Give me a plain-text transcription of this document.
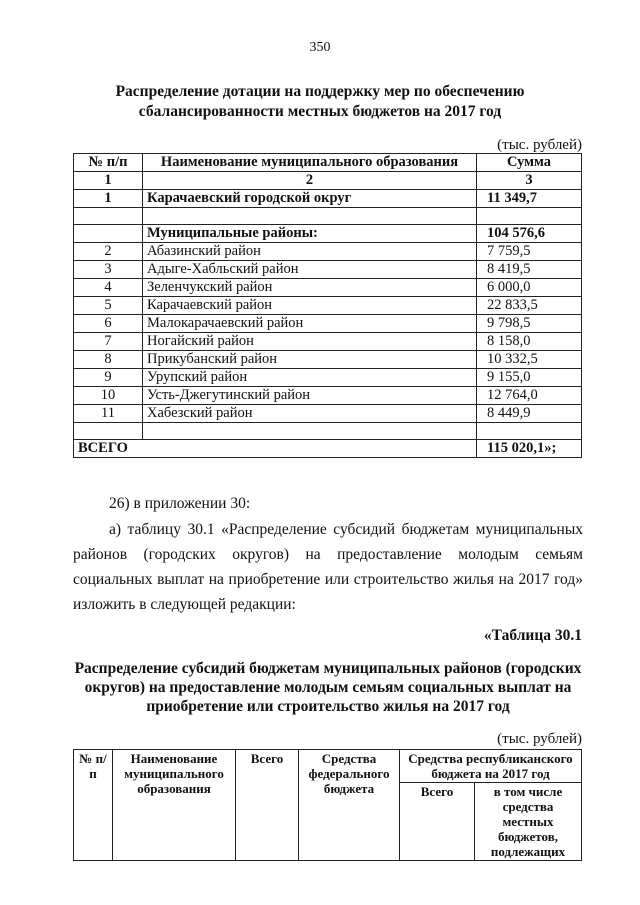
350
Распределение дотации на поддержку мер по обеспечению сбалансированности местных бюджетов на 2017 год
(тыс. рублей)
№ п/п	Наименование муниципального образования	Сумма
1	2	3
1	Карачаевский городской округ	11 349,7

	Муниципальные районы:	104 576,6
2	Абазинский район	7 759,5
3	Адыге-Хабльский район	8 419,5
4	Зеленчукский район	6 000,0
5	Карачаевский район	22 833,5
6	Малокарачаевский район	9 798,5
7	Ногайский район	8 158,0
8	Прикубанский район	10 332,5
9	Урупский район	9 155,0
10	Усть-Джегутинский район	12 764,0
11	Хабезский район	8 449,9

ВСЕГО		115 020,1»;
26) в приложении 30:
а) таблицу 30.1 «Распределение субсидий бюджетам муниципальных районов (городских округов) на предоставление молодым семьям социальных выплат на приобретение или строительство жилья на 2017 год» изложить в следующей редакции:
«Таблица 30.1
Распределение субсидий бюджетам муниципальных районов (городских округов) на предоставление молодым семьям социальных выплат на приобретение или строительство жилья на 2017 год
(тыс. рублей)
№ п/п	Наименование муниципального образования	Всего	Средства федерального бюджета	Средства республиканского бюджета на 2017 год	
				Всего	в том числе средства местных бюджетов, подлежащих
